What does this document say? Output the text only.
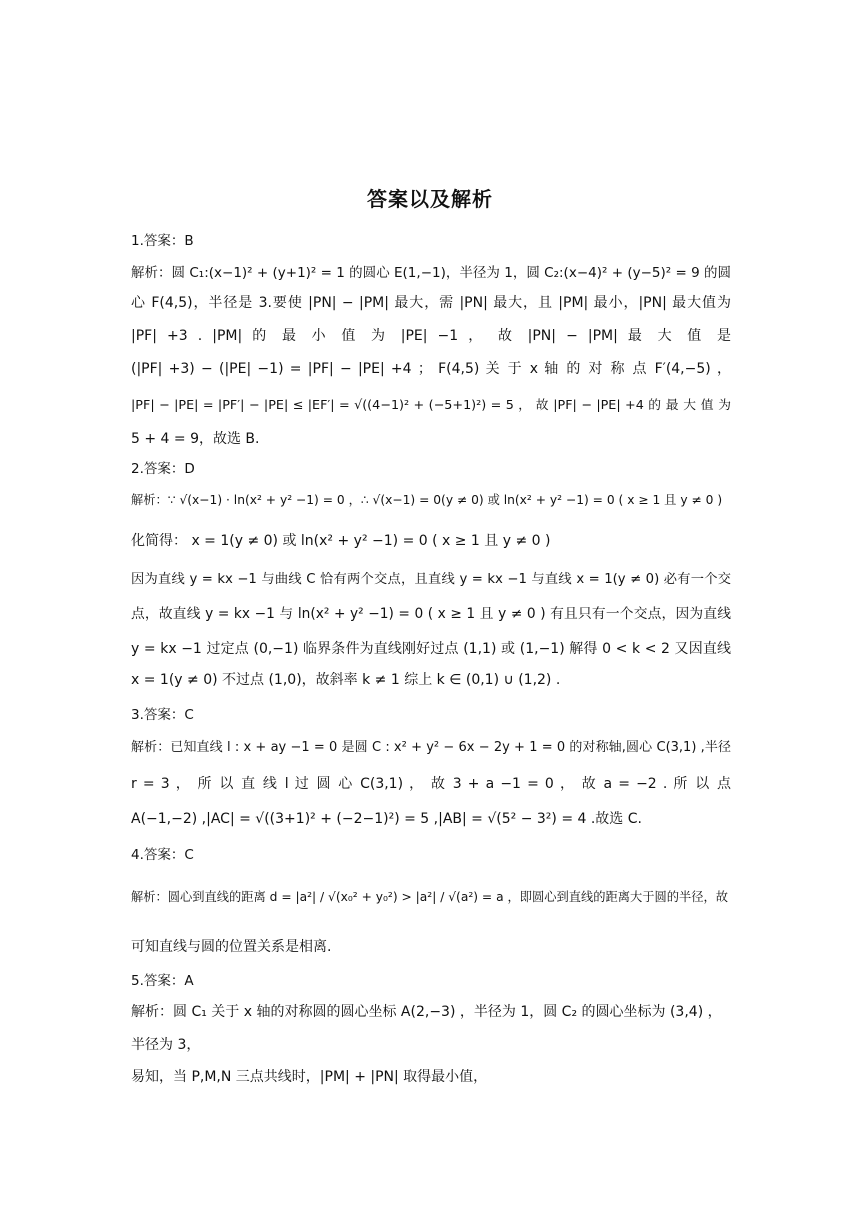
答案以及解析
1.答案：B
解析：圆 C₁:(x−1)² + (y+1)² = 1 的圆心 E(1,−1)，半径为 1，圆 C₂:(x−4)² + (y−5)² = 9 的圆
心 F(4,5)，半径是 3.要使 |PN| − |PM| 最大，需 |PN| 最大，且 |PM| 最小，|PN| 最大值为
|PF| +3 . |PM| 的 最 小 值 为 |PE| −1 ， 故 |PN| − |PM| 最 大 值 是
(|PF| +3) − (|PE| −1) = |PF| − |PE| +4 ； F(4,5) 关 于 x 轴 的 对 称 点 F′(4,−5) ，
|PF| − |PE| = |PF′| − |PE| ≤ |EF′| = √((4−1)² + (−5+1)²) = 5 ， 故 |PF| − |PE| +4 的 最 大 值 为
5 + 4 = 9，故选 B.
2.答案：D
解析：∵ √(x−1) · ln(x² + y² −1) = 0 ，∴ √(x−1) = 0(y ≠ 0) 或 ln(x² + y² −1) = 0 ( x ≥ 1 且 y ≠ 0 )
化简得： x = 1(y ≠ 0) 或 ln(x² + y² −1) = 0 ( x ≥ 1 且 y ≠ 0 )
因为直线 y = kx −1 与曲线 C 恰有两个交点，且直线 y = kx −1 与直线 x = 1(y ≠ 0) 必有一个交
点，故直线 y = kx −1 与 ln(x² + y² −1) = 0 ( x ≥ 1 且 y ≠ 0 ) 有且只有一个交点，因为直线
y = kx −1 过定点 (0,−1) 临界条件为直线刚好过点 (1,1) 或 (1,−1) 解得 0 < k < 2 又因直线
x = 1(y ≠ 0) 不过点 (1,0)，故斜率 k ≠ 1 综上 k ∈ (0,1) ∪ (1,2) .
3.答案：C
解析：已知直线 l : x + ay −1 = 0 是圆 C : x² + y² − 6x − 2y + 1 = 0 的对称轴,圆心 C(3,1) ,半径
r = 3 ， 所 以 直 线 l 过 圆 心 C(3,1) ， 故 3 + a −1 = 0 ， 故 a = −2 . 所 以 点
A(−1,−2) ,|AC| = √((3+1)² + (−2−1)²) = 5 ,|AB| = √(5² − 3²) = 4 .故选 C.
4.答案：C
解析：圆心到直线的距离 d = |a²| / √(x₀² + y₀²) > |a²| / √(a²) = a ，即圆心到直线的距离大于圆的半径，故
可知直线与圆的位置关系是相离.
5.答案：A
解析：圆 C₁ 关于 x 轴的对称圆的圆心坐标 A(2,−3) ，半径为 1，圆 C₂ 的圆心坐标为 (3,4) ，
半径为 3，
易知，当 P,M,N 三点共线时，|PM| + |PN| 取得最小值，
